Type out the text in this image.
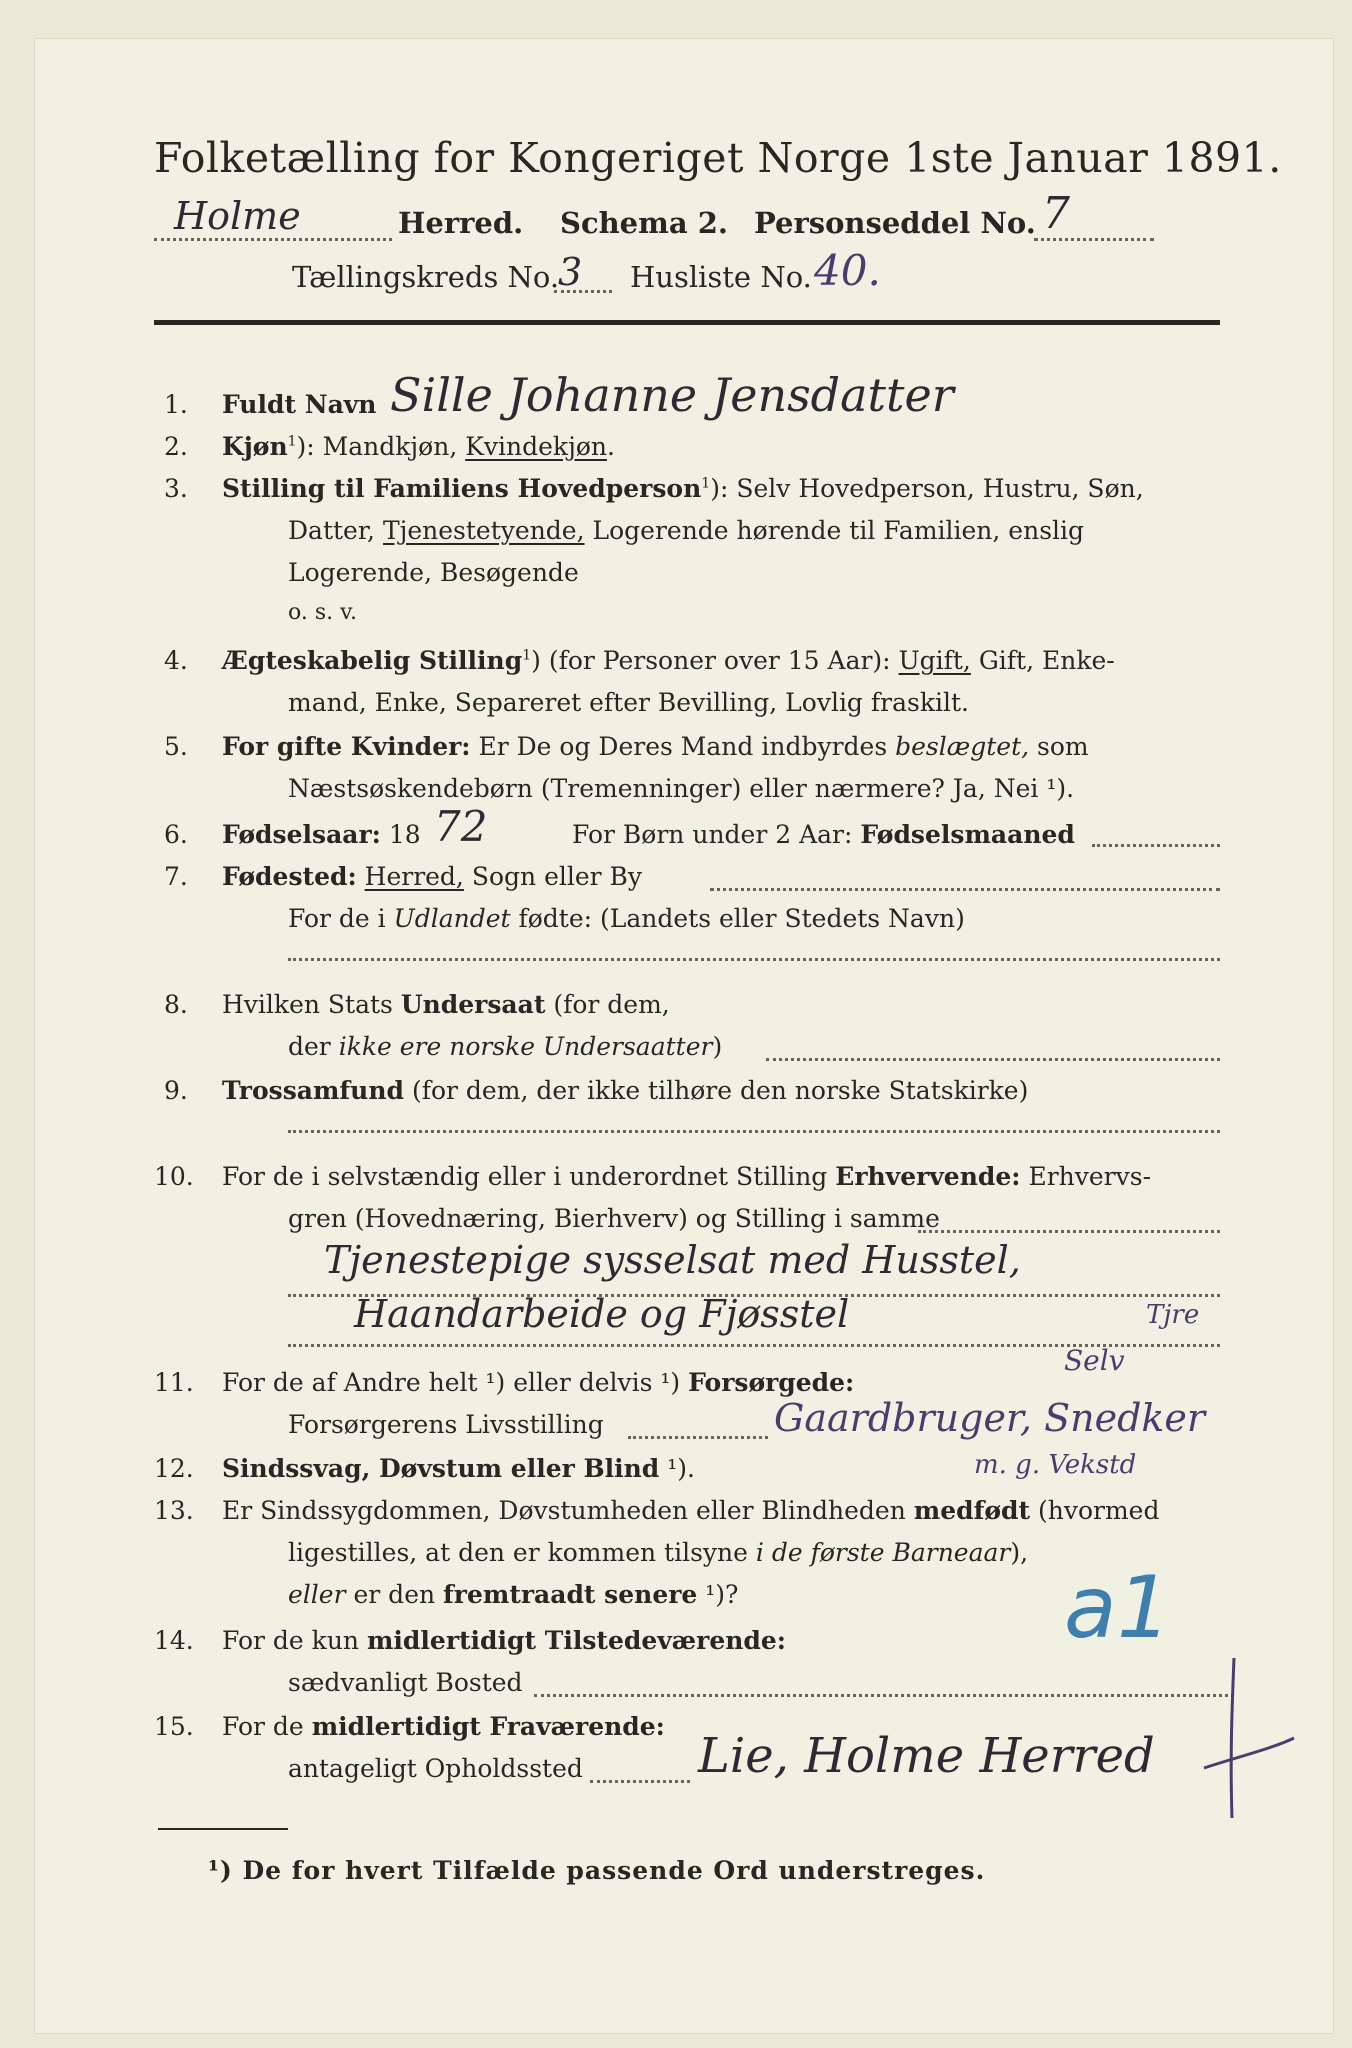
Folketælling for Kongeriget Norge 1ste Januar 1891.
Holme	Herred. Schema 2. Personseddel No. 7
Tællingskreds No.
3 Husliste No. 40.
1. Fuldt Navn Sille Johanne Jensdatter
2. Kjøn$^1$): Mandkjøn, Kvindekjøn.
3. Stilling til Familiens Hovedperson$^1$): Selv Hovedperson, Hustru, Søn,
Datter, Tjenestetyende, Logerende hørende til Familien, enslig
Logerende, Besøgende
o. s. v.
4. Ægteskabelig Stilling$^1$) (for Personer over 15 Aar): Ugift, Gift, Enke-
mand, Enke, Separeret efter Bevilling, Lovlig fraskilt.
5. For gifte Kvinder: Er De og Deres Mand indbyrdes beslægtet, som
Næstsøskendebørn (Tremenninger) eller nærmere? Ja, Nei ¹).
6. Fødselsaar: 18 72	For Børn under 2 Aar: Fødselsmaaned
7. Fødested: Herred, Sogn eller By
For de i Udlandet fødte: (Landets eller Stedets Navn)
8. Hvilken Stats Undersaat (for dem,
der ikke ere norske Undersaatter)
9. Trossamfund (for dem, der ikke tilhøre den norske Statskirke)
10. For de i selvstændig eller i underordnet Stilling Erhvervende: Erhvervs-
gren (Hovednæring, Bierhverv) og Stilling i samme
Tjenestepige sysselsat med Husstel,
Haandarbeide og Fjøsstel	Tjre
11. For de af Andre helt ¹) eller delvis ¹) Forsørgede:
Selv
Forsørgerens Livsstilling	Gaardbruger, Snedker
m. g. Vekstd
12. Sindssvag, Døvstum eller Blind ¹).
13. Er Sindssygdommen, Døvstumheden eller Blindheden medfødt (hvormed
ligestilles, at den er kommen tilsyne i de første Barneaar),
eller er den fremtraadt senere ¹)?	a1
14. For de kun midlertidigt Tilstedeværende:
sædvanligt Bosted
15. For de midlertidigt Fraværende:
antageligt Opholdssted Lie, Holme Herred
¹) De for hvert Tilfælde passende Ord understreges.
